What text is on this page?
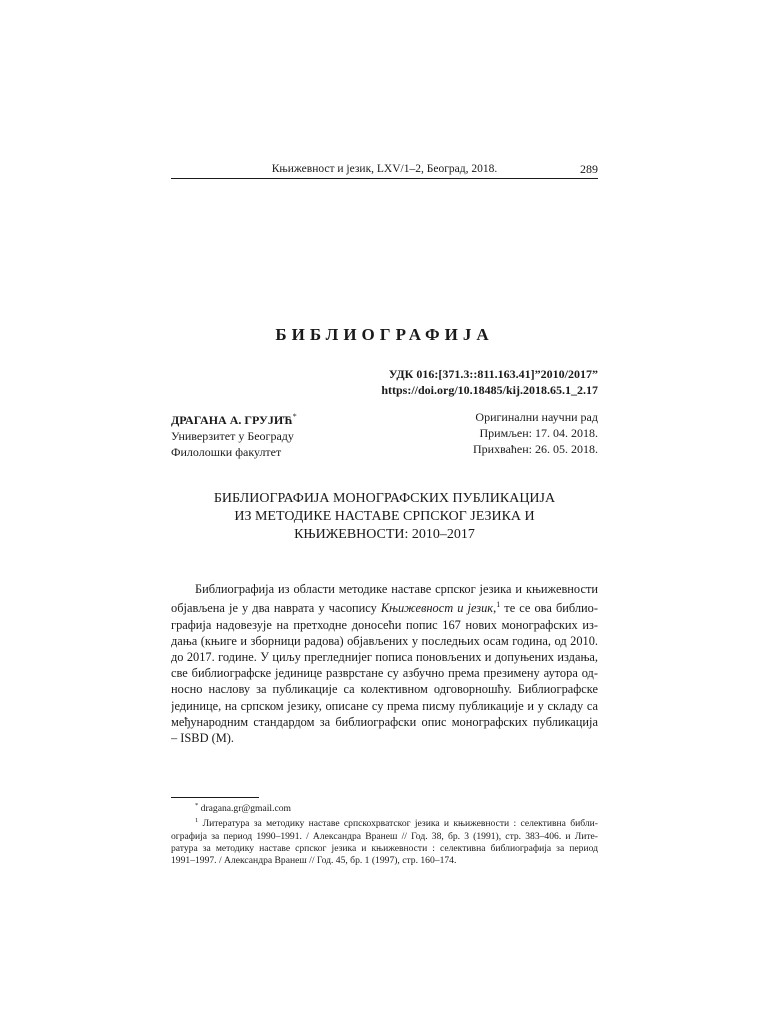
Књижевност и језик, LXV/1–2, Београд, 2018.	289
БИБЛИОГРАФИЈА
УДК 016:[371.3::811.163.41]”2010/2017”
https://doi.org/10.18485/kij.2018.65.1_2.17
ДРАГАНА А. ГРУЈИЋ*
Универзитет у Београду
Филолошки факултет
Оригинални научни рад
Примљен: 17. 04. 2018.
Прихваћен: 26. 05. 2018.
БИБЛИОГРАФИЈА МОНОГРАФСКИХ ПУБЛИКАЦИЈА
ИЗ МЕТОДИКЕ НАСТАВЕ СРПСКОГ ЈЕЗИКА И
КЊИЖЕВНОСТИ: 2010–2017
Библиографија из области методике наставе српског језика и књижевности
објављена је у два наврата у часопису Књижевност и језик,$^1$ те се ова библио-
графија надовезује на претходне доносећи попис 167 нових монографских из-
дања (књиге и зборници радова) објављених у последњих осам година, од 2010.
до 2017. године. У циљу прегледнијег пописа поновљених и допуњених издања,
све библиографске јединице разврстане су азбучно према презимену аутора од-
носно наслову за публикације са колективном одговорношћу. Библиографске
јединице, на српском језику, описане су према писму публикације и у складу са
међународним стандардом за библиографски опис монографских публикација
– ISBD (M).
* dragana.gr@gmail.com
$^1$ Литература за методику наставе српскохрватског језика и књижевности : селективна библи-
ографија за период 1990–1991. / Александра Вранеш // Год. 38, бр. 3 (1991), стр. 383–406. и Лите-
ратура за методику наставе српског језика и књижевности : селективна библиографија за период
1991–1997. / Александра Вранеш // Год. 45, бр. 1 (1997), стр. 160–174.
